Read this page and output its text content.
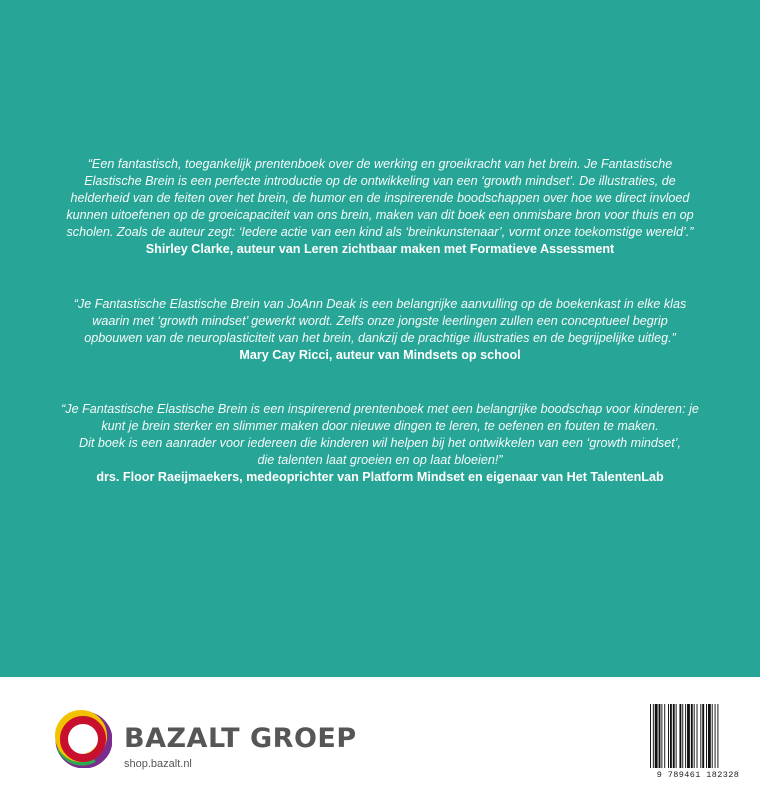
“Een fantastisch, toegankelijk prentenboek over de werking en groeikracht van het brein. Je Fantastische

Elastische Brein is een perfecte introductie op de ontwikkeling van een ‘growth mindset’. De illustraties, de

helderheid van de feiten over het brein, de humor en de inspirerende boodschappen over hoe we direct invloed

kunnen uitoefenen op de groeicapaciteit van ons brein, maken van dit boek een onmisbare bron voor thuis en op

scholen. Zoals de auteur zegt: ‘Iedere actie van een kind als ‘breinkunstenaar’, vormt onze toekomstige wereld’.”

Shirley Clarke, auteur van Leren zichtbaar maken met Formatieve Assessment

“Je Fantastische Elastische Brein van JoAnn Deak is een belangrijke aanvulling op de boekenkast in elke klas

waarin met ‘growth mindset’ gewerkt wordt. Zelfs onze jongste leerlingen zullen een conceptueel begrip

opbouwen van de neuroplasticiteit van het brein, dankzij de prachtige illustraties en de begrijpelijke uitleg.”

Mary Cay Ricci, auteur van Mindsets op school

“Je Fantastische Elastische Brein is een inspirerend prentenboek met een belangrijke boodschap voor kinderen: je

kunt je brein sterker en slimmer maken door nieuwe dingen te leren, te oefenen en fouten te maken.

Dit boek is een aanrader voor iedereen die kinderen wil helpen bij het ontwikkelen van een ‘growth mindset’,

die talenten laat groeien en op laat bloeien!”

drs. Floor Raeijmaekers, medeoprichter van Platform Mindset en eigenaar van Het TalentenLab

BAZALT GROEP
shop.bazalt.nl
9 789461 182328
